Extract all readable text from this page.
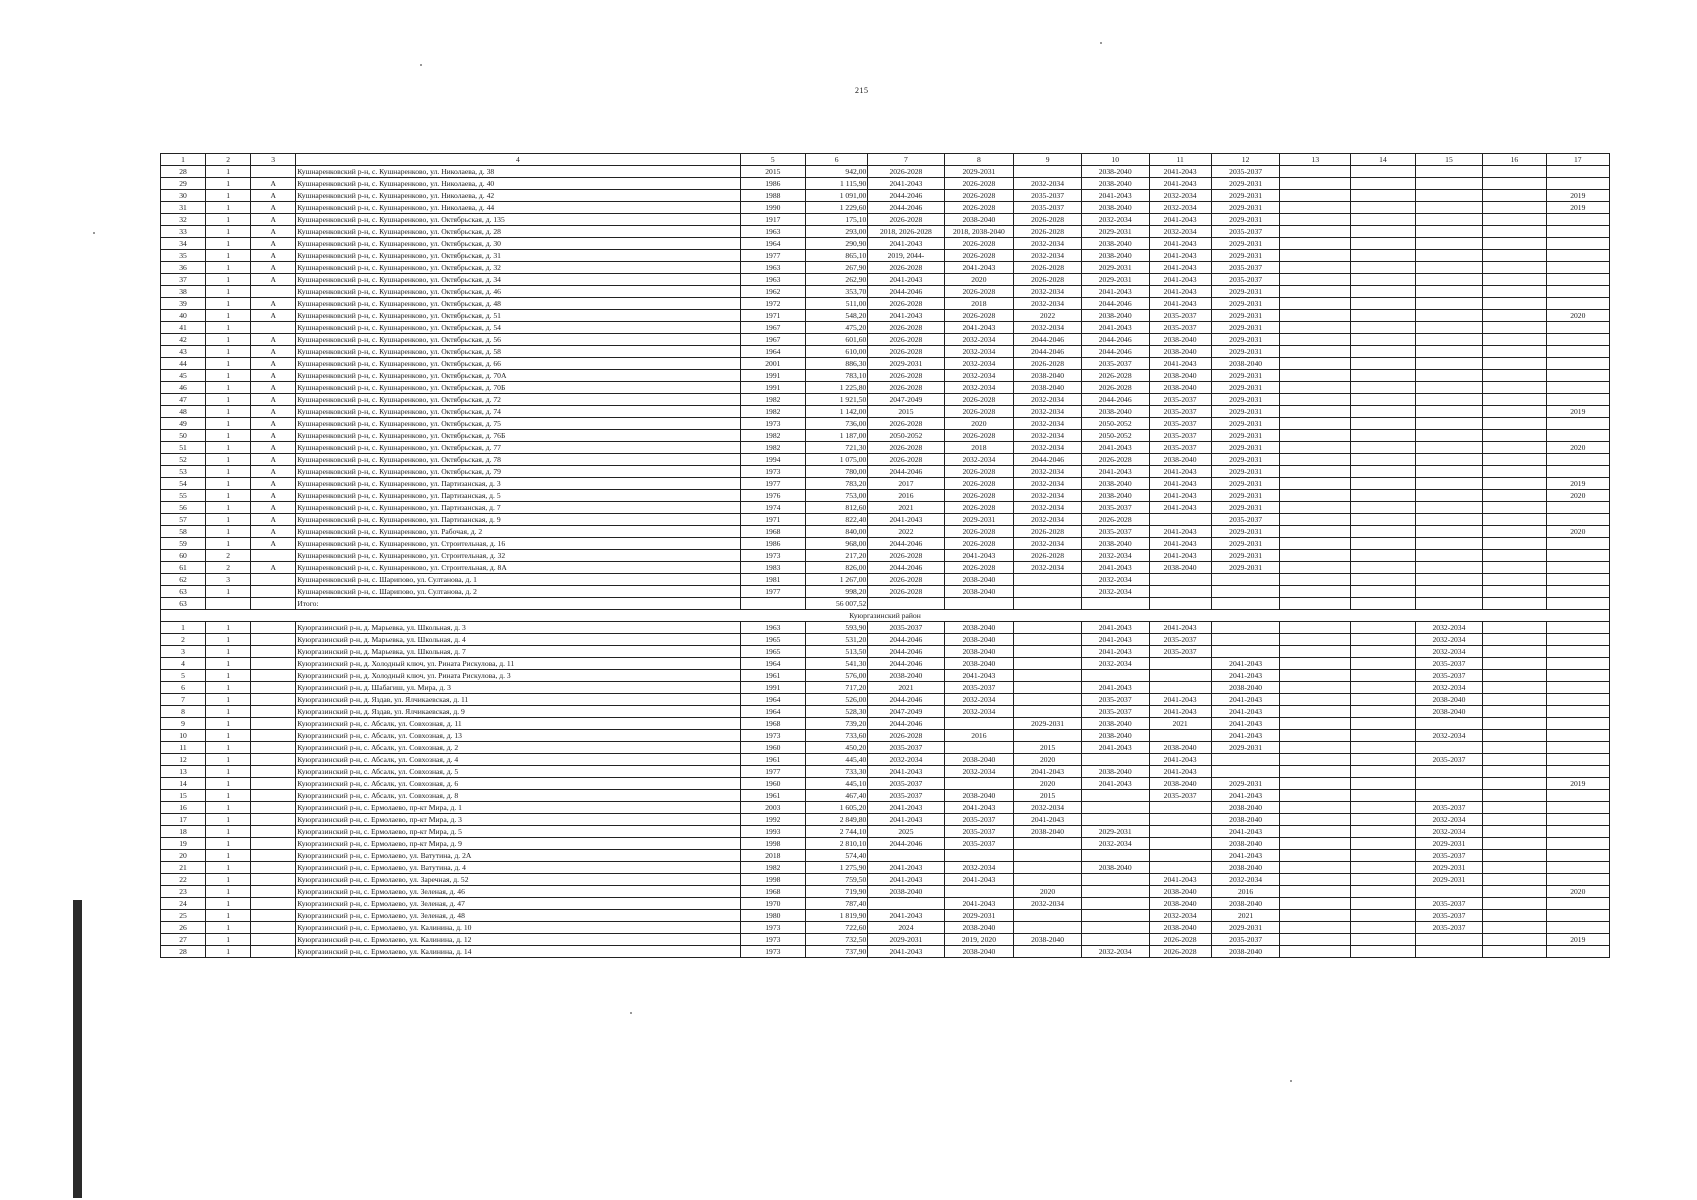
215
1	2	3	4	5	6	7	8	9	10	11	12	13	14	15	16	17
28	1		Кушнаренковский р-н, с. Кушнаренково, ул. Николаева, д. 38	2015	942,00	2026-2028	2029-2031		2038-2040	2041-2043	2035-2037					
29	1	А	Кушнаренковский р-н, с. Кушнаренково, ул. Николаева, д. 40	1986	1 115,90	2041-2043	2026-2028	2032-2034	2038-2040	2041-2043	2029-2031					
30	1	А	Кушнаренковский р-н, с. Кушнаренково, ул. Николаева, д. 42	1988	1 091,00	2044-2046	2026-2028	2035-2037	2041-2043	2032-2034	2029-2031					2019
31	1	А	Кушнаренковский р-н, с. Кушнаренково, ул. Николаева, д. 44	1990	1 229,60	2044-2046	2026-2028	2035-2037	2038-2040	2032-2034	2029-2031					2019
32	1	А	Кушнаренковский р-н, с. Кушнаренково, ул. Октябрьская, д. 135	1917	175,10	2026-2028	2038-2040	2026-2028	2032-2034	2041-2043	2029-2031					
33	1	А	Кушнаренковский р-н, с. Кушнаренково, ул. Октябрьская, д. 28	1963	293,00	2018, 2026-2028	2018, 2038-2040	2026-2028	2029-2031	2032-2034	2035-2037					
34	1	А	Кушнаренковский р-н, с. Кушнаренково, ул. Октябрьская, д. 30	1964	290,90	2041-2043	2026-2028	2032-2034	2038-2040	2041-2043	2029-2031					
35	1	А	Кушнаренковский р-н, с. Кушнаренково, ул. Октябрьская, д. 31	1977	865,10	2019, 2044-	2026-2028	2032-2034	2038-2040	2041-2043	2029-2031					
36	1	А	Кушнаренковский р-н, с. Кушнаренково, ул. Октябрьская, д. 32	1963	267,90	2026-2028	2041-2043	2026-2028	2029-2031	2041-2043	2035-2037					
37	1	А	Кушнаренковский р-н, с. Кушнаренково, ул. Октябрьская, д. 34	1963	262,90	2041-2043	2020	2026-2028	2029-2031	2041-2043	2035-2037					
38	1		Кушнаренковский р-н, с. Кушнаренково, ул. Октябрьская, д. 46	1962	353,70	2044-2046	2026-2028	2032-2034	2041-2043	2041-2043	2029-2031					
39	1	А	Кушнаренковский р-н, с. Кушнаренково, ул. Октябрьская, д. 48	1972	511,00	2026-2028	2018	2032-2034	2044-2046	2041-2043	2029-2031					
40	1	А	Кушнаренковский р-н, с. Кушнаренково, ул. Октябрьская, д. 51	1971	548,20	2041-2043	2026-2028	2022	2038-2040	2035-2037	2029-2031					2020
41	1		Кушнаренковский р-н, с. Кушнаренково, ул. Октябрьская, д. 54	1967	475,20	2026-2028	2041-2043	2032-2034	2041-2043	2035-2037	2029-2031					
42	1	А	Кушнаренковский р-н, с. Кушнаренково, ул. Октябрьская, д. 56	1967	601,60	2026-2028	2032-2034	2044-2046	2044-2046	2038-2040	2029-2031					
43	1	А	Кушнаренковский р-н, с. Кушнаренково, ул. Октябрьская, д. 58	1964	610,00	2026-2028	2032-2034	2044-2046	2044-2046	2038-2040	2029-2031					
44	1	А	Кушнаренковский р-н, с. Кушнаренково, ул. Октябрьская, д. 66	2001	886,30	2029-2031	2032-2034	2026-2028	2035-2037	2041-2043	2038-2040					
45	1	А	Кушнаренковский р-н, с. Кушнаренково, ул. Октябрьская, д. 70А	1991	783,10	2026-2028	2032-2034	2038-2040	2026-2028	2038-2040	2029-2031					
46	1	А	Кушнаренковский р-н, с. Кушнаренково, ул. Октябрьская, д. 70Б	1991	1 225,80	2026-2028	2032-2034	2038-2040	2026-2028	2038-2040	2029-2031					
47	1	А	Кушнаренковский р-н, с. Кушнаренково, ул. Октябрьская, д. 72	1982	1 921,50	2047-2049	2026-2028	2032-2034	2044-2046	2035-2037	2029-2031					
48	1	А	Кушнаренковский р-н, с. Кушнаренково, ул. Октябрьская, д. 74	1982	1 142,00	2015	2026-2028	2032-2034	2038-2040	2035-2037	2029-2031					2019
49	1	А	Кушнаренковский р-н, с. Кушнаренково, ул. Октябрьская, д. 75	1973	736,00	2026-2028	2020	2032-2034	2050-2052	2035-2037	2029-2031					
50	1	А	Кушнаренковский р-н, с. Кушнаренково, ул. Октябрьская, д. 76Б	1982	1 187,00	2050-2052	2026-2028	2032-2034	2050-2052	2035-2037	2029-2031					
51	1	А	Кушнаренковский р-н, с. Кушнаренково, ул. Октябрьская, д. 77	1982	721,30	2026-2028	2018	2032-2034	2041-2043	2035-2037	2029-2031					2020
52	1	А	Кушнаренковский р-н, с. Кушнаренково, ул. Октябрьская, д. 78	1994	1 075,00	2026-2028	2032-2034	2044-2046	2026-2028	2038-2040	2029-2031					
53	1	А	Кушнаренковский р-н, с. Кушнаренково, ул. Октябрьская, д. 79	1973	780,00	2044-2046	2026-2028	2032-2034	2041-2043	2041-2043	2029-2031					
54	1	А	Кушнаренковский р-н, с. Кушнаренково, ул. Партизанская, д. 3	1977	783,20	2017	2026-2028	2032-2034	2038-2040	2041-2043	2029-2031					2019
55	1	А	Кушнаренковский р-н, с. Кушнаренково, ул. Партизанская, д. 5	1976	753,00	2016	2026-2028	2032-2034	2038-2040	2041-2043	2029-2031					2020
56	1	А	Кушнаренковский р-н, с. Кушнаренково, ул. Партизанская, д. 7	1974	812,60	2021	2026-2028	2032-2034	2035-2037	2041-2043	2029-2031					
57	1	А	Кушнаренковский р-н, с. Кушнаренково, ул. Партизанская, д. 9	1971	822,40	2041-2043	2029-2031	2032-2034	2026-2028		2035-2037					
58	1	А	Кушнаренковский р-н, с. Кушнаренково, ул. Рабочая, д. 2	1968	840,00	2022	2026-2028	2026-2028	2035-2037	2041-2043	2029-2031					2020
59	1	А	Кушнаренковский р-н, с. Кушнаренково, ул. Строительная, д. 16	1986	968,00	2044-2046	2026-2028	2032-2034	2038-2040	2041-2043	2029-2031					
60	2		Кушнаренковский р-н, с. Кушнаренково, ул. Строительная, д. 32	1973	217,20	2026-2028	2041-2043	2026-2028	2032-2034	2041-2043	2029-2031					
61	2	А	Кушнаренковский р-н, с. Кушнаренково, ул. Строительная, д. 8А	1983	826,00	2044-2046	2026-2028	2032-2034	2041-2043	2038-2040	2029-2031					
62	3		Кушнаренковский р-н, с. Шарипово, ул. Султанова, д. 1	1981	1 267,00	2026-2028	2038-2040		2032-2034							
63	1		Кушнаренковский р-н, с. Шарипово, ул. Султанова, д. 2	1977	998,20	2026-2028	2038-2040		2032-2034							
63			Итого:		56 007,52											
Куюргазинский район																
1	1		Куюргазинский р-н, д. Марьевка, ул. Школьная, д. 3	1963	593,90	2035-2037	2038-2040		2041-2043	2041-2043				2032-2034		
2	1		Куюргазинский р-н, д. Марьевка, ул. Школьная, д. 4	1965	531,20	2044-2046	2038-2040		2041-2043	2035-2037				2032-2034		
3	1		Куюргазинский р-н, д. Марьевка, ул. Школьная, д. 7	1965	513,50	2044-2046	2038-2040		2041-2043	2035-2037				2032-2034		
4	1		Куюргазинский р-н, д. Холодный ключ, ул. Рината Рискулова, д. 11	1964	541,30	2044-2046	2038-2040		2032-2034		2041-2043			2035-2037		
5	1		Куюргазинский р-н, д. Холодный ключ, ул. Рината Рискулова, д. 3	1961	576,00	2038-2040	2041-2043				2041-2043			2035-2037		
6	1		Куюргазинский р-н, д. Шабагиш, ул. Мира, д. 3	1991	717,20	2021	2035-2037		2041-2043		2038-2040			2032-2034		
7	1		Куюргазинский р-н, д. Яздав, ул. Ялчикаевская, д. 11	1964	526,00	2044-2046	2032-2034		2035-2037	2041-2043	2041-2043			2038-2040		
8	1		Куюргазинский р-н, д. Яздав, ул. Ялчикаевская, д. 9	1964	528,30	2047-2049	2032-2034		2035-2037	2041-2043	2041-2043			2038-2040		
9	1		Куюргазинский р-н, с. Абсалк, ул. Совхозная, д. 11	1968	739,20	2044-2046		2029-2031	2038-2040	2021	2041-2043					
10	1		Куюргазинский р-н, с. Абсалк, ул. Совхозная, д. 13	1973	733,60	2026-2028	2016		2038-2040		2041-2043			2032-2034		
11	1		Куюргазинский р-н, с. Абсалк, ул. Совхозная, д. 2	1960	450,20	2035-2037		2015	2041-2043	2038-2040	2029-2031					
12	1		Куюргазинский р-н, с. Абсалк, ул. Совхозная, д. 4	1961	445,40	2032-2034	2038-2040	2020		2041-2043				2035-2037		
13	1		Куюргазинский р-н, с. Абсалк, ул. Совхозная, д. 5	1977	733,30	2041-2043	2032-2034	2041-2043	2038-2040	2041-2043						
14	1		Куюргазинский р-н, с. Абсалк, ул. Совхозная, д. 6	1960	445,10	2035-2037		2020	2041-2043	2038-2040	2029-2031					2019
15	1		Куюргазинский р-н, с. Абсалк, ул. Совхозная, д. 8	1961	467,40	2035-2037	2038-2040	2015		2035-2037	2041-2043					
16	1		Куюргазинский р-н, с. Ермолаево, пр-кт Мира, д. 1	2003	1 605,20	2041-2043	2041-2043	2032-2034			2038-2040			2035-2037		
17	1		Куюргазинский р-н, с. Ермолаево, пр-кт Мира, д. 3	1992	2 849,80	2041-2043	2035-2037	2041-2043			2038-2040			2032-2034		
18	1		Куюргазинский р-н, с. Ермолаево, пр-кт Мира, д. 5	1993	2 744,10	2025	2035-2037	2038-2040	2029-2031		2041-2043			2032-2034		
19	1		Куюргазинский р-н, с. Ермолаево, пр-кт Мира, д. 9	1998	2 810,10	2044-2046	2035-2037		2032-2034		2038-2040			2029-2031		
20	1		Куюргазинский р-н, с. Ермолаево, ул. Ватутина, д. 2А	2018	574,40						2041-2043			2035-2037		
21	1		Куюргазинский р-н, с. Ермолаево, ул. Ватутина, д. 4	1982	1 275,90	2041-2043	2032-2034		2038-2040		2038-2040			2029-2031		
22	1		Куюргазинский р-н, с. Ермолаево, ул. Заречная, д. 52	1998	759,50	2041-2043	2041-2043			2041-2043	2032-2034			2029-2031		
23	1		Куюргазинский р-н, с. Ермолаево, ул. Зеленая, д. 46	1968	719,90	2038-2040		2020		2038-2040	2016					2020
24	1		Куюргазинский р-н, с. Ермолаево, ул. Зеленая, д. 47	1970	787,40		2041-2043	2032-2034		2038-2040	2038-2040			2035-2037		
25	1		Куюргазинский р-н, с. Ермолаево, ул. Зеленая, д. 48	1980	1 819,90	2041-2043	2029-2031			2032-2034	2021			2035-2037		
26	1		Куюргазинский р-н, с. Ермолаево, ул. Калинина, д. 10	1973	722,60	2024	2038-2040			2038-2040	2029-2031			2035-2037		
27	1		Куюргазинский р-н, с. Ермолаево, ул. Калинина, д. 12	1973	732,50	2029-2031	2019, 2020	2038-2040		2026-2028	2035-2037					2019
28	1		Куюргазинский р-н, с. Ермолаево, ул. Калинина, д. 14	1973	737,90	2041-2043	2038-2040		2032-2034	2026-2028	2038-2040					
